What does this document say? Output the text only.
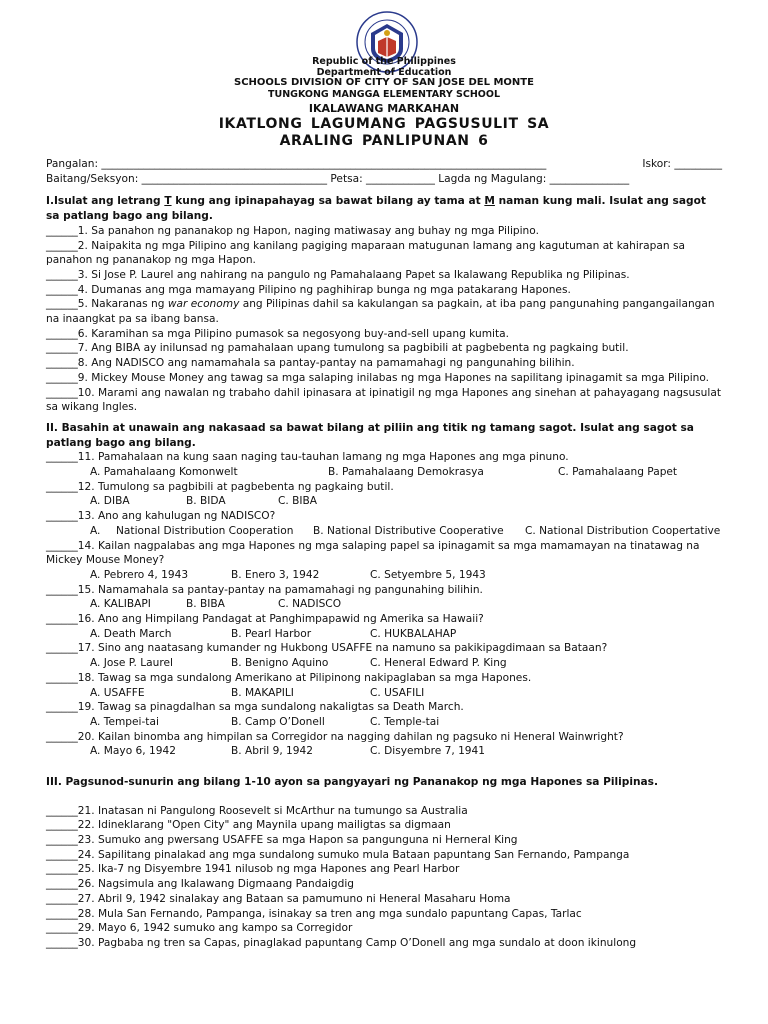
Republic of the Philippines
Department of Education
SCHOOLS DIVISION OF CITY OF SAN JOSE DEL MONTE
TUNGKONG MANGGA ELEMENTARY SCHOOL
IKALAWANG MARKAHAN
IKATLONG LAGUMANG PAGSUSULIT SA
ARALING PANLIPUNAN 6
Pangalan: ____________________________________________________________________________________	Iskor: _________
Baitang/Seksyon: ___________________________________ Petsa: _____________ Lagda ng Magulang: _______________

I.Isulat ang letrang T kung ang ipinapahayag sa bawat bilang ay tama at M naman kung mali. Isulat ang sagot sa patlang bago ang bilang.

______1. Sa panahon ng pananakop ng Hapon, naging matiwasay ang buhay ng mga Pilipino.

______2. Naipakita ng mga Pilipino ang kanilang pagiging maparaan matugunan lamang ang kagutuman at kahirapan sa panahon ng pananakop ng mga Hapon.

______3. Si Jose P. Laurel ang nahirang na pangulo ng Pamahalaang Papet sa Ikalawang Republika ng Pilipinas.

______4. Dumanas ang mga mamayang Pilipino ng paghihirap bunga ng mga patakarang Hapones.

______5. Nakaranas ng war economy ang Pilipinas dahil sa kakulangan sa pagkain, at iba pang pangunahing pangangailangan na inaangkat pa sa ibang bansa.

______6. Karamihan sa mga Pilipino pumasok sa negosyong buy-and-sell upang kumita.

______7. Ang BIBA ay inilunsad ng pamahalaan upang tumulong sa pagbibili at pagbebenta ng pagkaing butil.

______8. Ang NADISCO ang namamahala sa pantay-pantay na pamamahagi ng pangunahing bilihin.

______9. Mickey Mouse Money ang tawag sa mga salaping inilabas ng mga Hapones na sapilitang ipinagamit sa mga Pilipino.

______10. Marami ang nawalan ng trabaho dahil ipinasara at ipinatigil ng mga Hapones ang sinehan at pahayagang nagsusulat sa wikang Ingles.

II. Basahin at unawain ang nakasaad sa bawat bilang at piliin ang titik ng tamang sagot. Isulat ang sagot sa patlang bago ang bilang.

______11. Pamahalaan na kung saan naging tau-tauhan lamang ng mga Hapones ang mga pinuno.

A. Pamahalaang Komonwelt	B. Pamahalaang Demokrasya	C. Pamahalaang Papet

______12. Tumulong sa pagbibili at pagbebenta ng pagkaing butil.

A. DIBA	B. BIDA	C. BIBA

______13. Ano ang kahulugan ng NADISCO?

A. National Distribution Cooperation B. National Distributive Cooperative C. National Distribution Coopertative

______14. Kailan nagpalabas ang mga Hapones ng mga salaping papel sa ipinagamit sa mga mamamayan na tinatawag na Mickey Mouse Money?

A. Pebrero 4, 1943	B. Enero 3, 1942	C. Setyembre 5, 1943

______15. Namamahala sa pantay-pantay na pamamahagi ng pangunahing bilihin.

A. KALIBAPI	B. BIBA	C. NADISCO

______16. Ano ang Himpilang Pandagat at Panghimpapawid ng Amerika sa Hawaii?

A. Death March	B. Pearl Harbor	C. HUKBALAHAP

______17. Sino ang naatasang kumander ng Hukbong USAFFE na namuno sa pakikipagdimaan sa Bataan?

A. Jose P. Laurel	B. Benigno Aquino	C. Heneral Edward P. King

______18. Tawag sa mga sundalong Amerikano at Pilipinong nakipaglaban sa mga Hapones.

A. USAFFE	B. MAKAPILI	C. USAFILI

______19. Tawag sa pinagdalhan sa mga sundalong nakaligtas sa Death March.

A. Tempei-tai	B. Camp O’Donell	C. Temple-tai

______20. Kailan binomba ang himpilan sa Corregidor na nagging dahilan ng pagsuko ni Heneral Wainwright?

A. Mayo 6, 1942	B. Abril 9, 1942	C. Disyembre 7, 1941

III. Pagsunod-sunurin ang bilang 1-10 ayon sa pangyayari ng Pananakop ng mga Hapones sa Pilipinas.

______21. Inatasan ni Pangulong Roosevelt si McArthur na tumungo sa Australia

______22. Idineklarang "Open City" ang Maynila upang mailigtas sa digmaan

______23. Sumuko ang pwersang USAFFE sa mga Hapon sa pangunguna ni Herneral King

______24. Sapilitang pinalakad ang mga sundalong sumuko mula Bataan papuntang San Fernando, Pampanga

______25. Ika-7 ng Disyembre 1941 nilusob ng mga Hapones ang Pearl Harbor

______26. Nagsimula ang Ikalawang Digmaang Pandaigdig

______27. Abril 9, 1942 sinalakay ang Bataan sa pamumuno ni Heneral Masaharu Homa

______28. Mula San Fernando, Pampanga, isinakay sa tren ang mga sundalo papuntang Capas, Tarlac

______29. Mayo 6, 1942 sumuko ang kampo sa Corregidor

______30. Pagbaba ng tren sa Capas, pinaglakad papuntang Camp O’Donell ang mga sundalo at doon ikinulong
